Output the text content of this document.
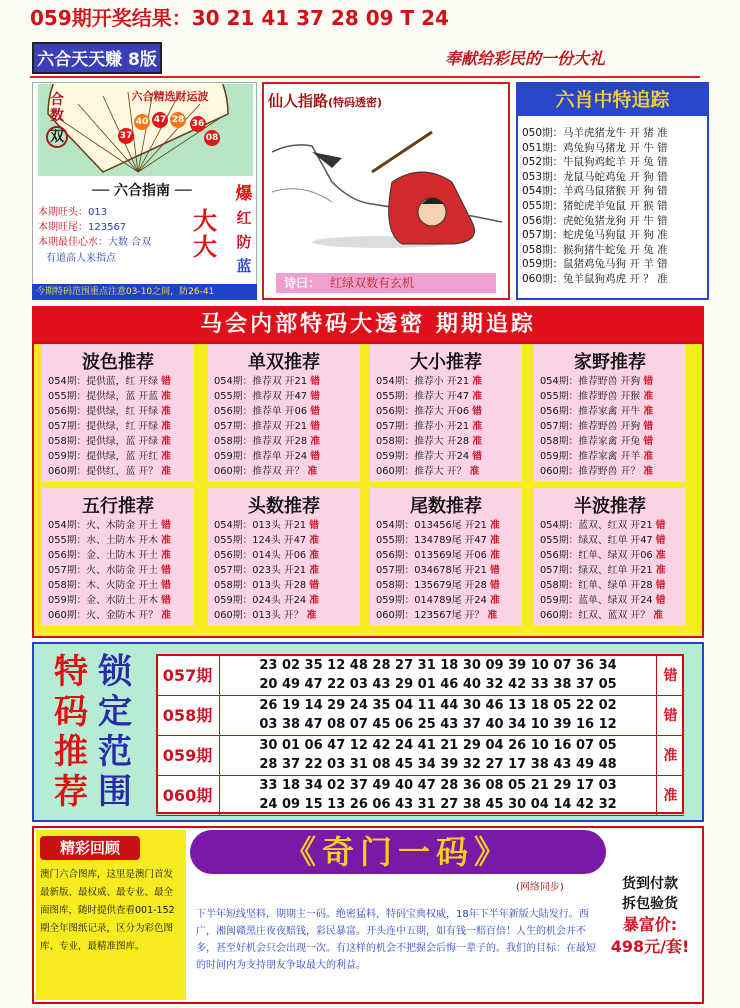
059期开奖结果：30 21 41 37 28 09 T 24
六合天天赚 8版	奉献给彩民的一份大礼
合数
双
六合精选财运波
37
40 47 28 36
08
── 六合指南 ──
本期旺头：013
本期旺尾：123567
本期最佳心水：大数 合双
有道高人来指点
大
大
爆
红
防
蓝
今期特码范围重点注意03-10之间，防26-41
仙人指路(特码透密)
诗曰： 红绿双数有玄机
六肖中特追踪
050期：马羊虎猪龙牛 开 猪 准
051期：鸡兔狗马猪龙 开 牛 错
052期：牛鼠狗鸡蛇羊 开 兔 错
053期：龙鼠马蛇鸡兔 开 狗 错
054期：羊鸡马鼠猪猴 开 狗 错
055期：猪蛇虎羊兔鼠 开 猴 错
056期：虎蛇兔猪龙狗 开 牛 错
057期：蛇虎兔马狗鼠 开 狗 准
058期：猴狗猪牛蛇兔 开 兔 准
059期：鼠猪鸡兔马狗 开 羊 错
060期：兔羊鼠狗鸡虎 开 ？ 准
马会内部特码大透密 期期追踪
波色推荐
054期：提供蓝，红 开绿 错
055期：提供绿，蓝 开蓝 准
056期：提供绿，红 开绿 准
057期：提供绿，红 开绿 准
058期：提供绿，蓝 开绿 准
059期：提供绿，蓝 开红 准
060期：提供红，蓝 开？ 准
单双推荐
054期：推荐双 开21 错
055期：推荐双 开47 错
056期：推荐单 开06 错
057期：推荐双 开21 错
058期：推荐双 开28 准
059期：推荐单 开24 错
060期：推荐双 开？ 准
大小推荐
054期：推荐小 开21 准
055期：推荐大 开47 准
056期：推荐大 开06 错
057期：推荐小 开21 准
058期：推荐大 开28 准
059期：推荐大 开24 错
060期：推荐大 开？ 准
家野推荐
054期：推荐野兽 开狗 错
055期：推荐野兽 开猴 准
056期：推荐家禽 开牛 准
057期：推荐野兽 开狗 错
058期：推荐家禽 开兔 错
059期：推荐家禽 开羊 准
060期：推荐野兽 开？ 准
五行推荐
054期：火、木防金 开土 错
055期：水、土防木 开木 准
056期：金、土防木 开土 准
057期：火、水防金 开土 错
058期：木、火防金 开土 错
059期：金、水防土 开木 错
060期：火、金防木 开？ 准
头数推荐
054期：013头 开21 错
055期：124头 开47 准
056期：014头 开06 准
057期：023头 开21 准
058期：013头 开28 错
059期：024头 开24 准
060期：013头 开？ 准
尾数推荐
054期：013456尾 开21 准
055期：134789尾 开47 准
056期：013569尾 开06 准
057期：034678尾 开21 错
058期：135679尾 开28 错
059期：014789尾 开24 准
060期：123567尾 开？ 准
半波推荐
054期：蓝双、红双 开21 错
055期：绿双、红单 开47 错
056期：红单、绿双 开06 准
057期：绿双、红单 开21 准
058期：红单、绿单 开28 错
059期：蓝单、绿双 开24 错
060期：红双、蓝双 开？ 准
特
码
推
荐
锁
定
范
围
057期
23 02 35 12 48 28 27 31 18 30 09 39 10 07 36 34
20 49 47 22 03 43 29 01 46 40 32 42 33 38 37 05
错
058期
26 19 14 29 24 35 04 11 44 30 46 13 18 05 22 02
03 38 47 08 07 45 06 25 43 37 40 34 10 39 16 12
错
059期
30 01 06 47 12 42 24 41 21 29 04 26 10 16 07 05
28 37 22 03 31 08 45 34 39 32 27 17 38 43 49 48
准
060期
33 18 34 02 37 49 40 47 28 36 08 05 21 29 17 03
24 09 15 13 26 06 43 31 27 38 45 30 04 14 42 32
准
精彩回顾
澳门六合图库，这里是澳门首发最新版、最权威、最专业、最全面图库，随时提供查看001-152期全年图纸记录，区分为彩色图库、专业，最精准图库。
《奇门一码》
(网络同步)
下半年短线坚料，期期主一码。绝密猛料，特码宝典权威，18年下半年新版大陆发行。西广，湘闽赣黑庄夜夜赔钱，彩民暴富。开头连中五期，如有钱一赔百倍！人生的机会并不多，甚至好机会只会出现一次。有这样的机会不把握会后悔一辈子的。我们的目标：在最短的时间内为支持朋友争取最大的利益。
货到付款
拆包验货
暴富价:
498元/套!
